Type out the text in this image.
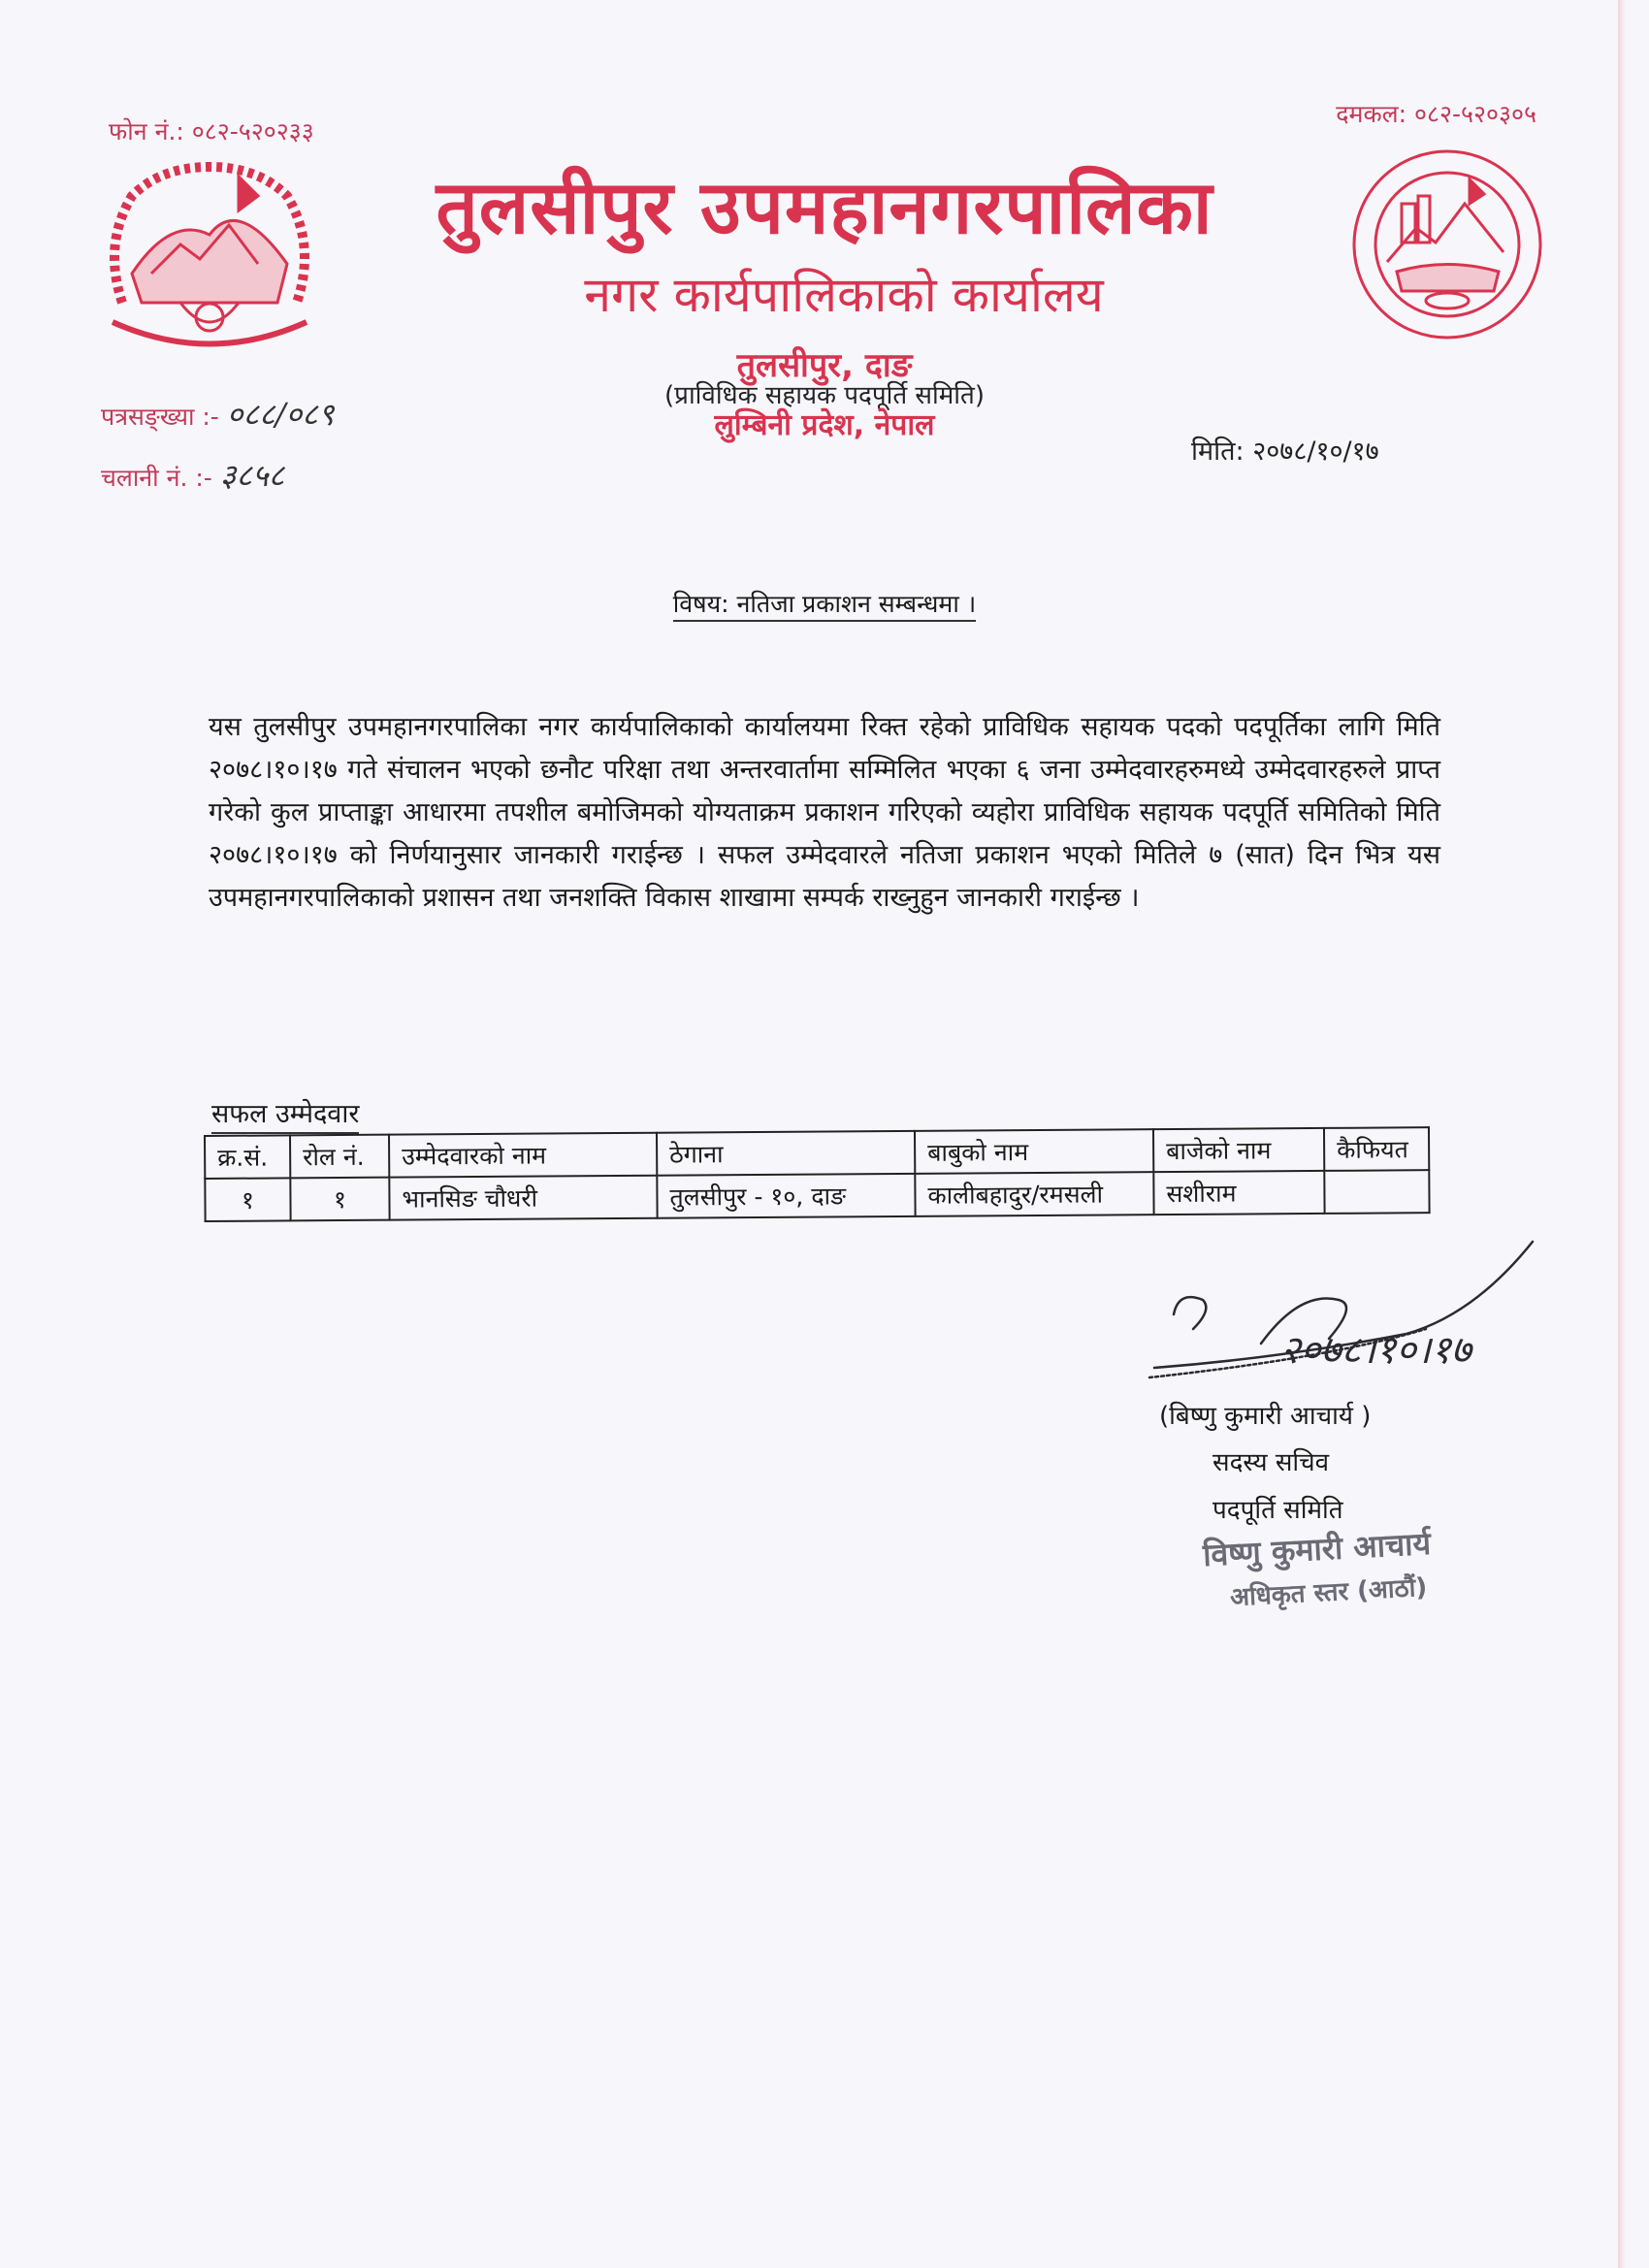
फोन नं.: ०८२-५२०२३३
दमकल: ०८२-५२०३०५
तुलसीपुर उपमहानगरपालिका
नगर कार्यपालिकाको कार्यालय
तुलसीपुर, दाङ
(प्राविधिक सहायक पदपूर्ति समिति)
लुम्बिनी प्रदेश, नेपाल
पत्रसङ्ख्या :- ०८८/०८९
चलानी नं. :- ३८५८
मिति: २०७८/१०/१७
विषय: नतिजा प्रकाशन सम्बन्धमा ।
यस तुलसीपुर उपमहानगरपालिका नगर कार्यपालिकाको कार्यालयमा रिक्त रहेको प्राविधिक सहायक पदको पदपूर्तिका लागि मिति २०७८।१०।१७ गते संचालन भएको छनौट परिक्षा तथा अन्तरवार्तामा सम्मिलित भएका ६ जना उम्मेदवारहरुमध्ये उम्मेदवारहरुले प्राप्त गरेको कुल प्राप्ताङ्का आधारमा तपशील बमोजिमको योग्यताक्रम प्रकाशन गरिएको व्यहोरा प्राविधिक सहायक पदपूर्ति समितिको मिति २०७८।१०।१७ को निर्णयानुसार जानकारी गराईन्छ । सफल उम्मेदवारले नतिजा प्रकाशन भएको मितिले ७ (सात) दिन भित्र यस उपमहानगरपालिकाको प्रशासन तथा जनशक्ति विकास शाखामा सम्पर्क राख्नुहुन जानकारी गराईन्छ ।
सफल उम्मेदवार
क्र.सं.	रोल नं.	उम्मेदवारको नाम	ठेगाना	बाबुको नाम	बाजेको नाम	कैफियत
१	१	भानसिङ चौधरी	तुलसीपुर - १०, दाङ	कालीबहादुर/रमसली	सशीराम	
२०७८।१०।१७
(बिष्णु कुमारी आचार्य )
सदस्य सचिव
पदपूर्ति समिति
विष्णु कुमारी आचार्य
अधिकृत स्तर (आठौं)
